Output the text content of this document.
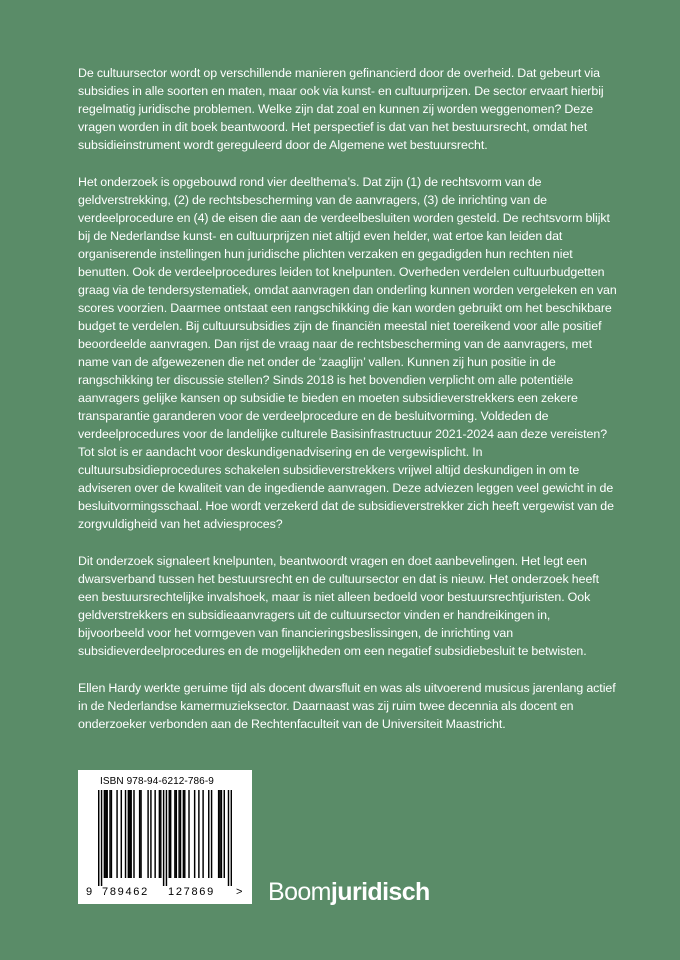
De cultuursector wordt op verschillende manieren gefinancierd door de overheid. Dat gebeurt via subsidies in alle soorten en maten, maar ook via kunst- en cultuurprijzen. De sector ervaart hierbij regelmatig juridische problemen. Welke zijn dat zoal en kunnen zij worden weggenomen? Deze vragen worden in dit boek beantwoord. Het perspectief is dat van het bestuursrecht, omdat het subsidieinstrument wordt gereguleerd door de Algemene wet bestuursrecht.

Het onderzoek is opgebouwd rond vier deelthema’s. Dat zijn (1) de rechtsvorm van de geldverstrekking, (2) de rechtsbescherming van de aanvragers, (3) de inrichting van de verdeelprocedure en (4) de eisen die aan de verdeelbesluiten worden gesteld. De rechtsvorm blijkt bij de Nederlandse kunst- en cultuurprijzen niet altijd even helder, wat ertoe kan leiden dat organiserende instellingen hun juridische plichten verzaken en gegadigden hun rechten niet benutten. Ook de verdeelprocedures leiden tot knelpunten. Overheden verdelen cultuurbudgetten graag via de tendersystematiek, omdat aanvragen dan onderling kunnen worden vergeleken en van scores voorzien. Daarmee ontstaat een rangschikking die kan worden gebruikt om het beschikbare budget te verdelen. Bij cultuursubsidies zijn de financiën meestal niet toereikend voor alle positief beoordeelde aanvragen. Dan rijst de vraag naar de rechtsbescherming van de aanvragers, met name van de afgewezenen die net onder de ‘zaaglijn’ vallen. Kunnen zij hun positie in de rangschikking ter discussie stellen? Sinds 2018 is het bovendien verplicht om alle potentiële aanvragers gelijke kansen op subsidie te bieden en moeten subsidieverstrekkers een zekere transparantie garanderen voor de verdeelprocedure en de besluitvorming. Voldeden de verdeelprocedures voor de landelijke culturele Basisinfrastructuur 2021-2024 aan deze vereisten? Tot slot is er aandacht voor deskundigenadvisering en de vergewisplicht. In cultuursubsidieprocedures schakelen subsidieverstrekkers vrijwel altijd deskundigen in om te adviseren over de kwaliteit van de ingediende aanvragen. Deze adviezen leggen veel gewicht in de besluitvormingsschaal. Hoe wordt verzekerd dat de subsidieverstrekker zich heeft vergewist van de zorgvuldigheid van het adviesproces?

Dit onderzoek signaleert knelpunten, beantwoordt vragen en doet aanbevelingen. Het legt een dwarsverband tussen het bestuursrecht en de cultuursector en dat is nieuw. Het onderzoek heeft een bestuursrechtelijke invalshoek, maar is niet alleen bedoeld voor bestuursrechtjuristen. Ook geldverstrekkers en subsidieaanvragers uit de cultuursector vinden er handreikingen in, bijvoorbeeld voor het vormgeven van financieringsbeslissingen, de inrichting van subsidieverdeelprocedures en de mogelijkheden om een negatief subsidiebesluit te betwisten.

Ellen Hardy werkte geruime tijd als docent dwarsfluit en was als uitvoerend musicus jarenlang actief in de Nederlandse kamermuzieksector. Daarnaast was zij ruim twee decennia als docent en onderzoeker verbonden aan de Rechtenfaculteit van de Universiteit Maastricht.

ISBN 978-94-6212-786-9
9 789462 127869 > Boomjuridisch
